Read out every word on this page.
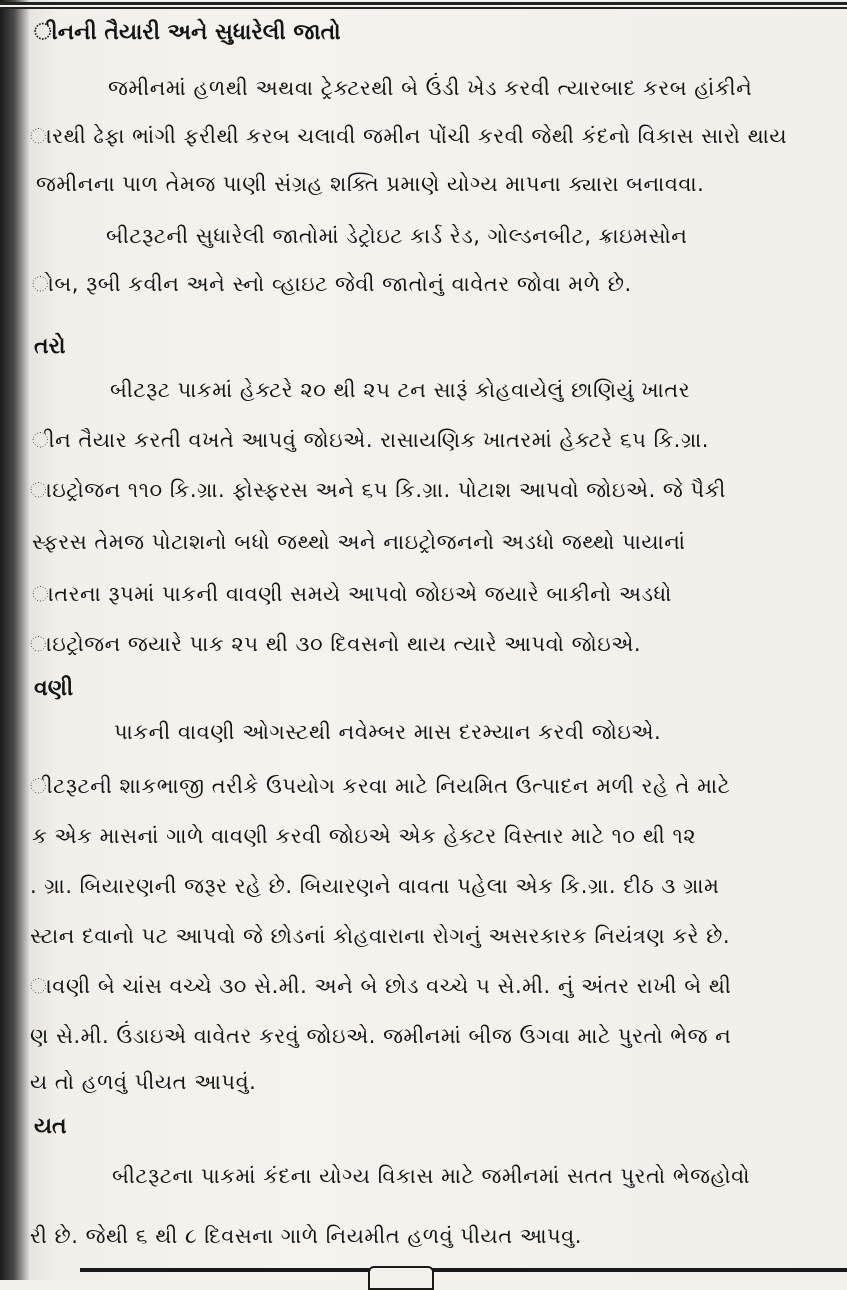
ીનની તૈયારી અને સુધારેલી જાતો
જમીનમાં હળથી અથવા ટ્રેક્ટરથી બે ઉંડી ખેડ કરવી ત્યારબાદ કરબ હાંકીને
ારથી ઢેફા ભાંગી ફરીથી કરબ ચલાવી જમીન પોંચી કરવી જેથી કંદનો વિકાસ સારો થાય
જમીનના પાળ તેમજ પાણી સંગ્રહ શક્તિ પ્રમાણે યોગ્ય માપના ક્યારા બનાવવા.
બીટરૂટની સુધારેલી જાતોમાં ડેટ્રોઇટ કાર્ડ રેડ, ગોલ્ડનબીટ, ક્રાઇમસોન
ોબ, રૂબી કવીન અને સ્નો વ્હાઇટ જેવી જાતોનું વાવેતર જોવા મળે છે.
તરો
બીટરૂટ પાકમાં હેક્ટરે ૨૦ થી ૨૫ ટન સારૂં કોહવાયેલું છાણિયું ખાતર
ીન તૈયાર કરતી વખતે આપવું જોઇએ. રાસાયણિક ખાતરમાં હેક્ટરે ૬૫ કિ.ગ્રા.
ાઇટ્રોજન ૧૧૦ કિ.ગ્રા. ફોસ્ફરસ અને ૬૫ કિ.ગ્રા. પોટાશ આપવો જોઇએ. જે પૈકી
સ્ફરસ તેમજ પોટાશનો બધો જથ્થો અને નાઇટ્રોજનનો અડધો જથ્થો પાયાનાં
ાતરના રૂપમાં પાકની વાવણી સમયે આપવો જોઇએ જયારે બાકીનો અડધો
ાઇટ્રોજન જયારે પાક ૨૫ થી ૩૦ દિવસનો થાય ત્યારે આપવો જોઇએ.
વણી
પાકની વાવણી ઓગસ્ટથી નવેમ્બર માસ દરમ્યાન કરવી જોઇએ.
ીટરૂટની શાકભાજી તરીકે ઉપયોગ કરવા માટે નિયમિત ઉત્પાદન મળી રહે તે માટે
ક એક માસનાં ગાળે વાવણી કરવી જોઇએ એક હેક્ટર વિસ્તાર માટે ૧૦ થી ૧૨
. ગ્રા. બિયારણની જરૂર રહે છે. બિયારણને વાવતા પહેલા એક કિ.ગ્રા. દીઠ ૩ ગ્રામ
સ્ટાન દવાનો પટ આપવો જે છોડનાં કોહવારાના રોગનું અસરકારક નિયંત્રણ કરે છે.
ાવણી બે ચાંસ વચ્ચે ૩૦ સે.મી. અને બે છોડ વચ્ચે ૫ સે.મી. નું અંતર રાખી બે થી
ણ સે.મી. ઉંડાઇએ વાવેતર કરવું જોઇએ. જમીનમાં બીજ ઉગવા માટે પુરતો ભેજ ન
ય તો હળવું પીયત આપવું.
યત
બીટરૂટના પાકમાં કંદના યોગ્ય વિકાસ માટે જમીનમાં સતત પુરતો ભેજહોવો
રી છે. જેથી ૬ થી ૮ દિવસના ગાળે નિયમીત હળવું પીયત આપવુ.
